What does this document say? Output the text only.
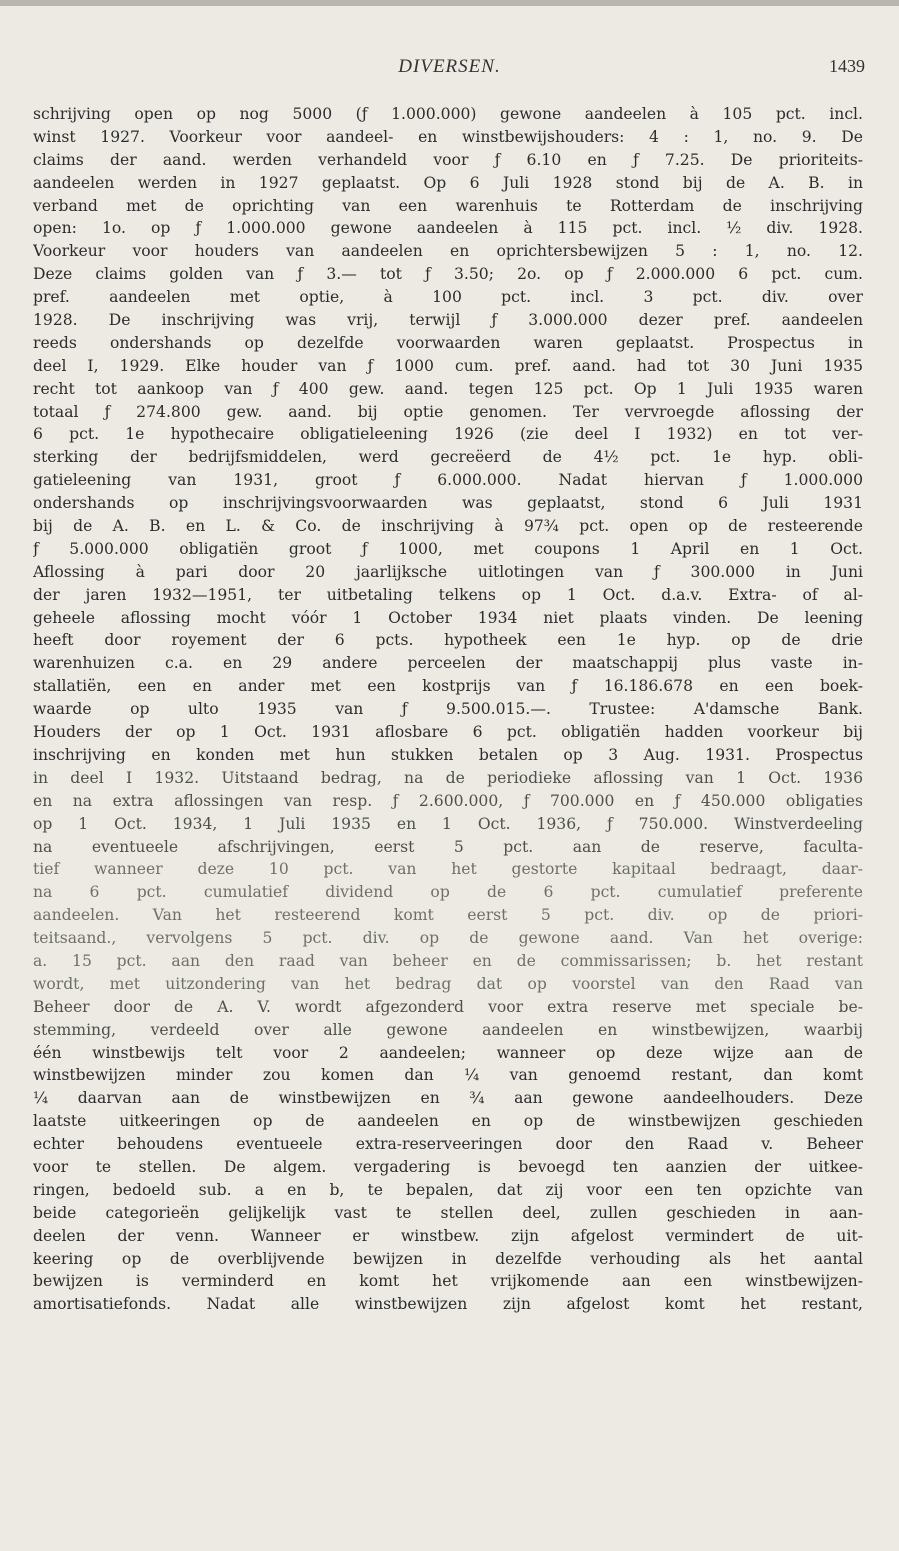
DIVERSEN.	1439
schrijving open op nog 5000 (ƒ 1.000.000) gewone aandeelen à 105 pct. incl.
winst 1927. Voorkeur voor aandeel- en winstbewijshouders: 4 : 1, no. 9. De
claims der aand. werden verhandeld voor ƒ 6.10 en ƒ 7.25. De prioriteits-
aandeelen werden in 1927 geplaatst. Op 6 Juli 1928 stond bij de A. B. in
verband met de oprichting van een warenhuis te Rotterdam de inschrijving
open: 1o. op ƒ 1.000.000 gewone aandeelen à 115 pct. incl. ½ div. 1928.
Voorkeur voor houders van aandeelen en oprichtersbewijzen 5 : 1, no. 12.
Deze claims golden van ƒ 3.— tot ƒ 3.50; 2o. op ƒ 2.000.000 6 pct. cum.
pref. aandeelen met optie, à 100 pct. incl. 3 pct. div. over
1928. De inschrijving was vrij, terwijl ƒ 3.000.000 dezer pref. aandeelen
reeds ondershands op dezelfde voorwaarden waren geplaatst. Prospectus in
deel I, 1929. Elke houder van ƒ 1000 cum. pref. aand. had tot 30 Juni 1935
recht tot aankoop van ƒ 400 gew. aand. tegen 125 pct. Op 1 Juli 1935 waren
totaal ƒ 274.800 gew. aand. bij optie genomen. Ter vervroegde aflossing der
6 pct. 1e hypothecaire obligatieleening 1926 (zie deel I 1932) en tot ver-
sterking der bedrijfsmiddelen, werd gecreëerd de 4½ pct. 1e hyp. obli-
gatieleening van 1931, groot ƒ 6.000.000. Nadat hiervan ƒ 1.000.000
ondershands op inschrijvingsvoorwaarden was geplaatst, stond 6 Juli 1931
bij de A. B. en L. & Co. de inschrijving à 97¾ pct. open op de resteerende
ƒ 5.000.000 obligatiën groot ƒ 1000, met coupons 1 April en 1 Oct.
Aflossing à pari door 20 jaarlijksche uitlotingen van ƒ 300.000 in Juni
der jaren 1932—1951, ter uitbetaling telkens op 1 Oct. d.a.v. Extra- of al-
geheele aflossing mocht vóór 1 October 1934 niet plaats vinden. De leening
heeft door royement der 6 pcts. hypotheek een 1e hyp. op de drie
warenhuizen c.a. en 29 andere perceelen der maatschappij plus vaste in-
stallatiën, een en ander met een kostprijs van ƒ 16.186.678 en een boek-
waarde op ulto 1935 van ƒ 9.500.015.—. Trustee: A'damsche Bank.
Houders der op 1 Oct. 1931 aflosbare 6 pct. obligatiën hadden voorkeur bij
inschrijving en konden met hun stukken betalen op 3 Aug. 1931. Prospectus
in deel I 1932. Uitstaand bedrag, na de periodieke aflossing van 1 Oct. 1936
en na extra aflossingen van resp. ƒ 2.600.000, ƒ 700.000 en ƒ 450.000 obligaties
op 1 Oct. 1934, 1 Juli 1935 en 1 Oct. 1936, ƒ 750.000. Winstverdeeling
na eventueele afschrijvingen, eerst 5 pct. aan de reserve, faculta-
tief wanneer deze 10 pct. van het gestorte kapitaal bedraagt, daar-
na 6 pct. cumulatief dividend op de 6 pct. cumulatief preferente
aandeelen. Van het resteerend komt eerst 5 pct. div. op de priori-
teitsaand., vervolgens 5 pct. div. op de gewone aand. Van het overige:
a. 15 pct. aan den raad van beheer en de commissarissen; b. het restant
wordt, met uitzondering van het bedrag dat op voorstel van den Raad van
Beheer door de A. V. wordt afgezonderd voor extra reserve met speciale be-
stemming, verdeeld over alle gewone aandeelen en winstbewijzen, waarbij
één winstbewijs telt voor 2 aandeelen; wanneer op deze wijze aan de
winstbewijzen minder zou komen dan ¼ van genoemd restant, dan komt
¼ daarvan aan de winstbewijzen en ¾ aan gewone aandeelhouders. Deze
laatste uitkeeringen op de aandeelen en op de winstbewijzen geschieden
echter behoudens eventueele extra-reserveeringen door den Raad v. Beheer
voor te stellen. De algem. vergadering is bevoegd ten aanzien der uitkee-
ringen, bedoeld sub. a en b, te bepalen, dat zij voor een ten opzichte van
beide categorieën gelijkelijk vast te stellen deel, zullen geschieden in aan-
deelen der venn. Wanneer er winstbew. zijn afgelost vermindert de uit-
keering op de overblijvende bewijzen in dezelfde verhouding als het aantal
bewijzen is verminderd en komt het vrijkomende aan een winstbewijzen-
amortisatiefonds. Nadat alle winstbewijzen zijn afgelost komt het restant,
